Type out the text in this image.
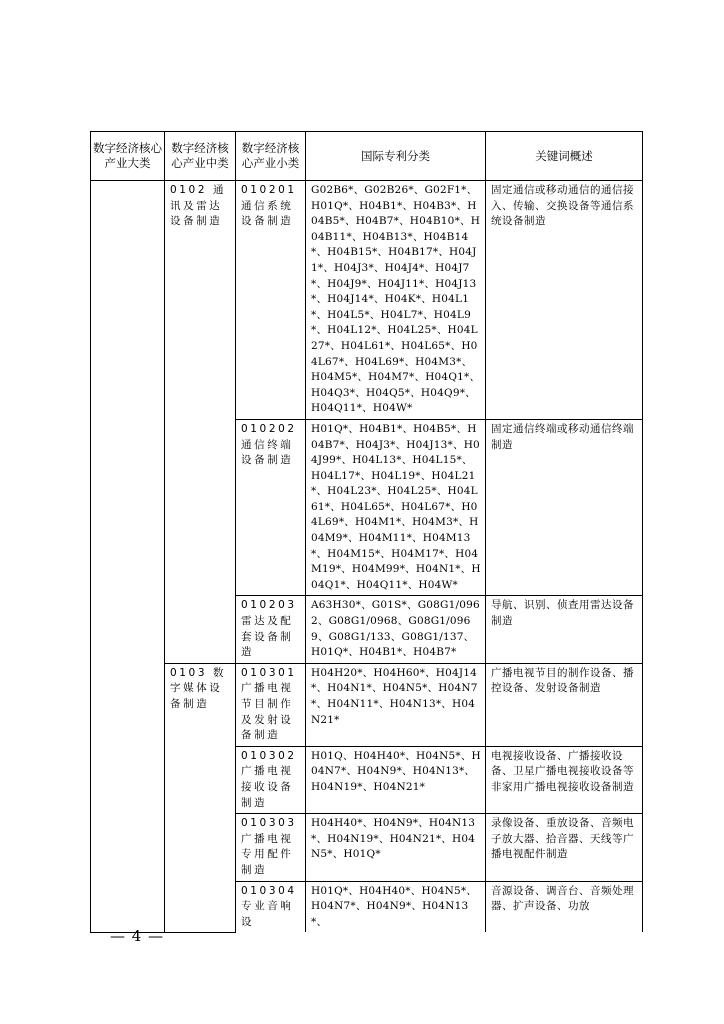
数字经济核心产业大类	数字经济核心产业中类	数字经济核心产业小类	国际专利分类	关键词概述
	0102 通讯及雷达设备制造	010201 通信系统设备制造	G02B6*、G02B26*、G02F1*、H01Q*、H04B1*、H04B3*、H04B5*、H04B7*、H04B10*、H04B11*、H04B13*、H04B14*、H04B15*、H04B17*、H04J1*、H04J3*、H04J4*、H04J7*、H04J9*、H04J11*、H04J13*、H04J14*、H04K*、H04L1*、H04L5*、H04L7*、H04L9*、H04L12*、H04L25*、H04L27*、H04L61*、H04L65*、H04L67*、H04L69*、H04M3*、H04M5*、H04M7*、H04Q1*、H04Q3*、H04Q5*、H04Q9*、H04Q11*、H04W*	固定通信或移动通信的通信接入、传输、交换设备等通信系统设备制造
		010202 通信终端设备制造	H01Q*、H04B1*、H04B5*、H04B7*、H04J3*、H04J13*、H04J99*、H04L13*、H04L15*、H04L17*、H04L19*、H04L21*、H04L23*、H04L25*、H04L61*、H04L65*、H04L67*、H04L69*、H04M1*、H04M3*、H04M9*、H04M11*、H04M13*、H04M15*、H04M17*、H04M19*、H04M99*、H04N1*、H04Q1*、H04Q11*、H04W*	固定通信终端或移动通信终端制造
		010203 雷达及配套设备制造	A63H30*、G01S*、G08G1/0962、G08G1/0968、G08G1/0969、G08G1/133、G08G1/137、H01Q*、H04B1*、H04B7*	导航、识别、侦查用雷达设备制造
	0103 数字媒体设备制造	010301 广播电视节目制作及发射设备制造	H04H20*、H04H60*、H04J14*、H04N1*、H04N5*、H04N7*、H04N11*、H04N13*、H04N21*	广播电视节目的制作设备、播控设备、发射设备制造
		010302 广播电视接收设备制造	H01Q、H04H40*、H04N5*、H04N7*、H04N9*、H04N13*、H04N19*、H04N21*	电视接收设备、广播接收设备、卫星广播电视接收设备等非家用广播电视接收设备制造
		010303 广播电视专用配件制造	H04H40*、H04N9*、H04N13*、H04N19*、H04N21*、H04N5*、H01Q*	录像设备、重放设备、音频电子放大器、拾音器、天线等广播电视配件制造
		010304 专业音响设	H01Q*、H04H40*、H04N5*、H04N7*、H04N9*、H04N13*、	音源设备、调音台、音频处理器、扩声设备、功放
— 4 —
